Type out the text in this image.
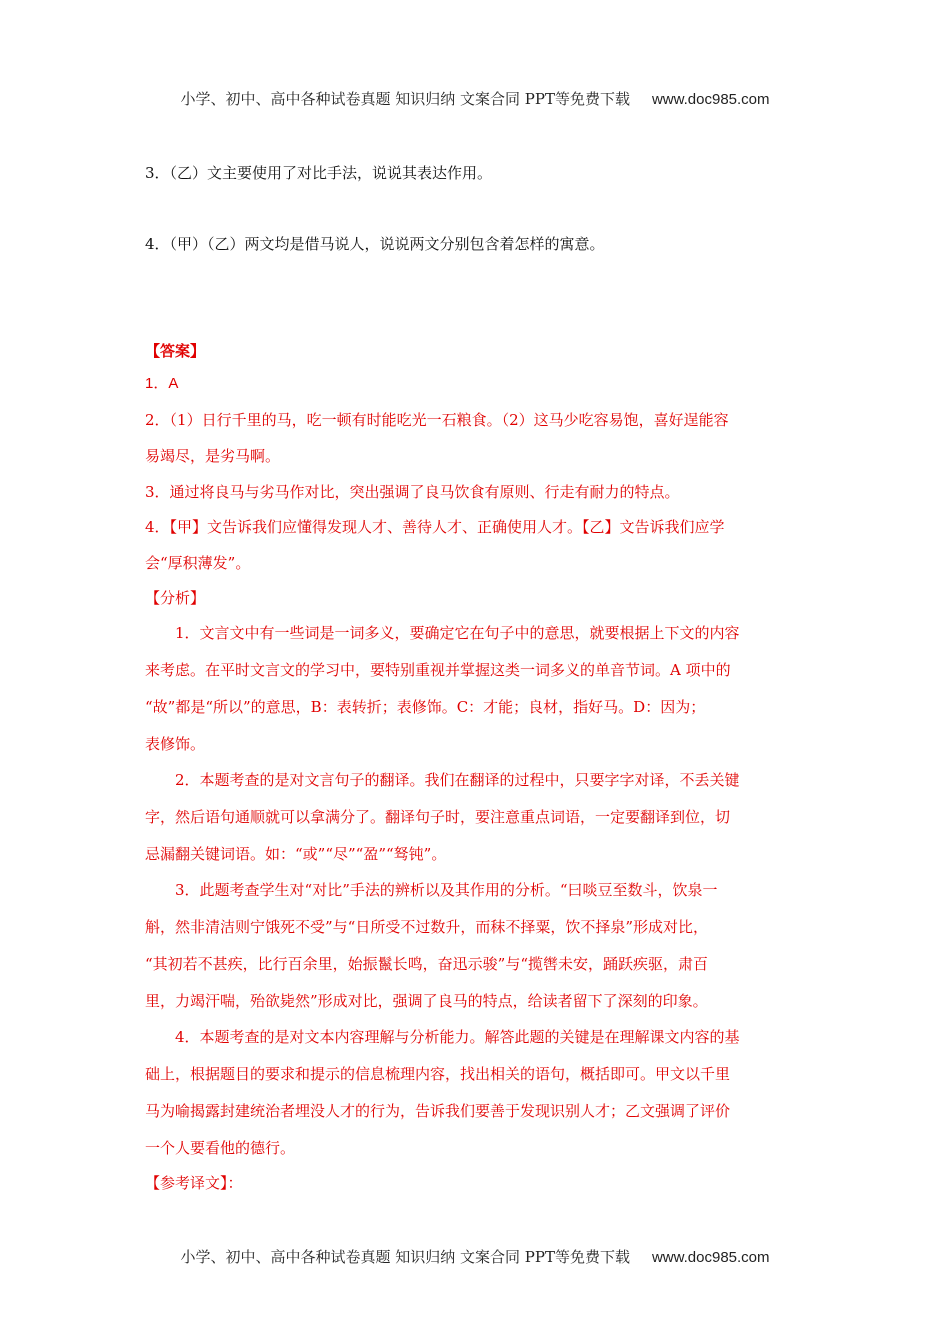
小学、初中、高中各种试卷真题 知识归纳 文案合同 PPT等免费下载 www.doc985.com
3．（乙）文主要使用了对比手法，说说其表达作用。
4．（甲）（乙）两文均是借马说人，说说两文分别包含着怎样的寓意。
【答案】
1．A
2．（1）日行千里的马，吃一顿有时能吃光一石粮食。（2）这马少吃容易饱，喜好逞能容
易竭尽，是劣马啊。
3．通过将良马与劣马作对比，突出强调了良马饮食有原则、行走有耐力的特点。
4．【甲】文告诉我们应懂得发现人才、善待人才、正确使用人才。【乙】文告诉我们应学
会“厚积薄发”。
【分析】
1．文言文中有一些词是一词多义，要确定它在句子中的意思，就要根据上下文的内容
来考虑。在平时文言文的学习中，要特别重视并掌握这类一词多义的单音节词。A 项中的
“故”都是“所以”的意思，B：表转折；表修饰。C：才能；良材，指好马。D：因为；
表修饰。
2．本题考查的是对文言句子的翻译。我们在翻译的过程中，只要字字对译，不丢关键
字，然后语句通顺就可以拿满分了。翻译句子时，要注意重点词语，一定要翻译到位，切
忌漏翻关键词语。如：“或”“尽”“盈”“驽钝”。
3．此题考查学生对“对比”手法的辨析以及其作用的分析。“曰啖豆至数斗，饮泉一
斛，然非清洁则宁饿死不受”与“日所受不过数升，而秣不择粟，饮不择泉”形成对比，
“其初若不甚疾，比行百余里，始振鬣长鸣，奋迅示骏”与“揽辔未安，踊跃疾驱，肃百
里，力竭汗喘，殆欲毙然”形成对比，强调了良马的特点，给读者留下了深刻的印象。
4．本题考查的是对文本内容理解与分析能力。解答此题的关键是在理解课文内容的基
础上，根据题目的要求和提示的信息梳理内容，找出相关的语句，概括即可。甲文以千里
马为喻揭露封建统治者埋没人才的行为，告诉我们要善于发现识别人才；乙文强调了评价
一个人要看他的德行。
【参考译文】：
小学、初中、高中各种试卷真题 知识归纳 文案合同 PPT等免费下载 www.doc985.com
